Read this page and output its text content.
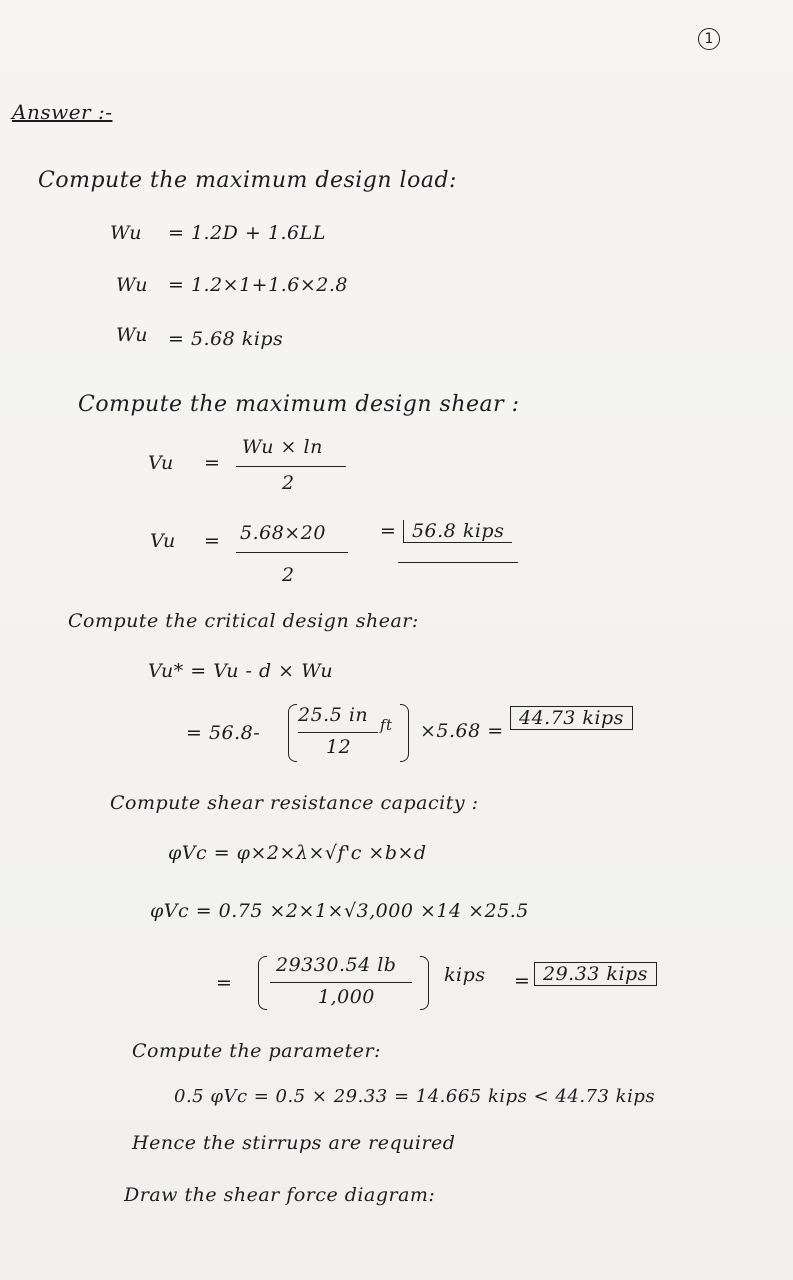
1
Answer :-
Compute the maximum design load:
Wu = 1.2D + 1.6LL
Wu = 1.2×1+1.6×2.8
Wu = 5.68 kips
Compute the maximum design shear :
Vu =
Wu × ln
2
Vu = 5.68×20
2
= 56.8 kips
Compute the critical design shear:
Vu* = Vu - d × Wu
= 56.8-
25.5 in ft
12
×5.68 =
44.73 kips
Compute shear resistance capacity :
φVc = φ×2×λ×√f'c ×b×d
φVc = 0.75 ×2×1×√3,000 ×14 ×25.5
=
29330.54 lb
1,000
kips = 29.33 kips
Compute the parameter:
0.5 φVc = 0.5 × 29.33 = 14.665 kips < 44.73 kips
Hence the stirrups are required
Draw the shear force diagram:
